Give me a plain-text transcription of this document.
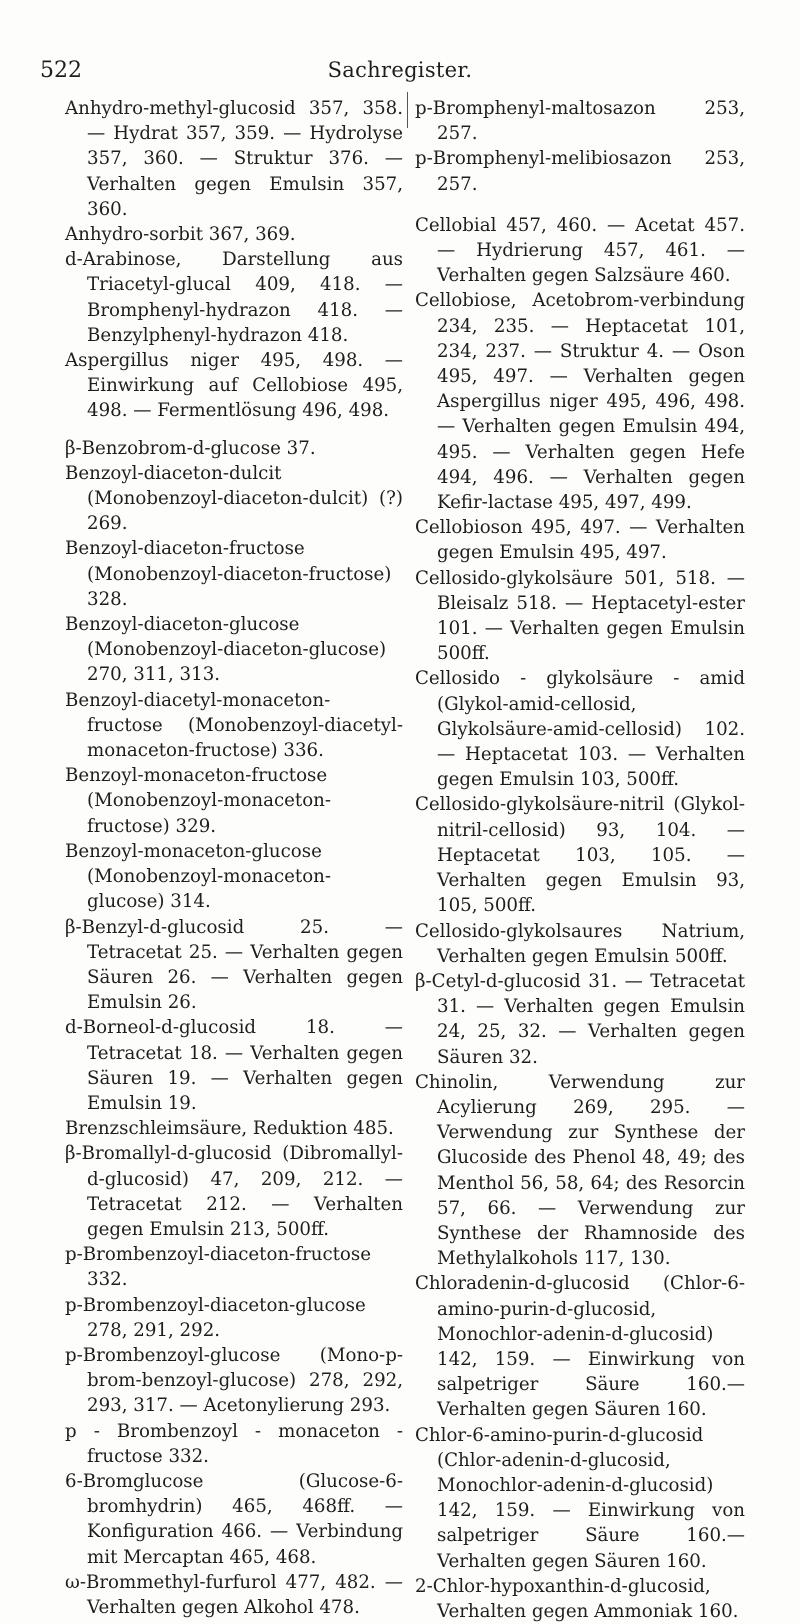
522	Sachregister.
Anhydro-methyl-glucosid 357, 358. — Hydrat 357, 359. — Hydrolyse 357, 360. — Struktur 376. — Verhalten gegen Emulsin 357, 360.
Anhydro-sorbit 367, 369.
d-Arabinose, Darstellung aus Triacetyl-glucal 409, 418. — Bromphenyl-hydrazon 418. — Benzylphenyl-hydrazon 418.
Aspergillus niger 495, 498. — Einwirkung auf Cellobiose 495, 498. — Fermentlösung 496, 498.
β-Benzobrom-d-glucose 37.
Benzoyl-diaceton-dulcit (Monobenzoyl-diaceton-dulcit) (?) 269.
Benzoyl-diaceton-fructose (Monobenzoyl-diaceton-fructose) 328.
Benzoyl-diaceton-glucose (Monobenzoyl-diaceton-glucose) 270, 311, 313.
Benzoyl-diacetyl-monaceton-fructose (Monobenzoyl-diacetyl-monaceton-fructose) 336.
Benzoyl-monaceton-fructose (Monobenzoyl-monaceton-fructose) 329.
Benzoyl-monaceton-glucose (Monobenzoyl-monaceton-glucose) 314.
β-Benzyl-d-glucosid 25. — Tetracetat 25. — Verhalten gegen Säuren 26. — Verhalten gegen Emulsin 26.
d-Borneol-d-glucosid 18. — Tetracetat 18. — Verhalten gegen Säuren 19. — Verhalten gegen Emulsin 19.
Brenzschleimsäure, Reduktion 485.
β-Bromallyl-d-glucosid (Dibromallyl-d-glucosid) 47, 209, 212. — Tetracetat 212. — Verhalten gegen Emulsin 213, 500ff.
p-Brombenzoyl-diaceton-fructose 332.
p-Brombenzoyl-diaceton-glucose 278, 291, 292.
p-Brombenzoyl-glucose (Mono-p-brom-benzoyl-glucose) 278, 292, 293, 317. — Acetonylierung 293.
p - Brombenzoyl - monaceton - fructose 332.
6-Bromglucose (Glucose-6-bromhydrin) 465, 468ff. — Konfiguration 466. — Verbindung mit Mercaptan 465, 468.
ω-Brommethyl-furfurol 477, 482. — Verhalten gegen Alkohol 478.
p-Bromphenyl-maltosazon 253, 257.
p-Bromphenyl-melibiosazon 253, 257.
Cellobial 457, 460. — Acetat 457. — Hydrierung 457, 461. — Verhalten gegen Salzsäure 460.
Cellobiose, Acetobrom-verbindung 234, 235. — Heptacetat 101, 234, 237. — Struktur 4. — Oson 495, 497. — Verhalten gegen Aspergillus niger 495, 496, 498. — Verhalten gegen Emulsin 494, 495. — Verhalten gegen Hefe 494, 496. — Verhalten gegen Kefir-lactase 495, 497, 499.
Cellobioson 495, 497. — Verhalten gegen Emulsin 495, 497.
Cellosido-glykolsäure 501, 518. — Bleisalz 518. — Heptacetyl-ester 101. — Verhalten gegen Emulsin 500ff.
Cellosido - glykolsäure - amid (Glykol-amid-cellosid, Glykolsäure-amid-cellosid) 102. — Heptacetat 103. — Verhalten gegen Emulsin 103, 500ff.
Cellosido-glykolsäure-nitril (Glykol-nitril-cellosid) 93, 104. — Heptacetat 103, 105. — Verhalten gegen Emulsin 93, 105, 500ff.
Cellosido-glykolsaures Natrium, Verhalten gegen Emulsin 500ff.
β-Cetyl-d-glucosid 31. — Tetracetat 31. — Verhalten gegen Emulsin 24, 25, 32. — Verhalten gegen Säuren 32.
Chinolin, Verwendung zur Acylierung 269, 295. — Verwendung zur Synthese der Glucoside des Phenol 48, 49; des Menthol 56, 58, 64; des Resorcin 57, 66. — Verwendung zur Synthese der Rhamnoside des Methylalkohols 117, 130.
Chloradenin-d-glucosid (Chlor-6-amino-purin-d-glucosid, Monochlor-adenin-d-glucosid) 142, 159. — Einwirkung von salpetriger Säure 160.—Verhalten gegen Säuren 160.
Chlor-6-amino-purin-d-glucosid (Chlor-adenin-d-glucosid, Monochlor-adenin-d-glucosid) 142, 159. — Einwirkung von salpetriger Säure 160.—Verhalten gegen Säuren 160.
2-Chlor-hypoxanthin-d-glucosid, Verhalten gegen Ammoniak 160.
